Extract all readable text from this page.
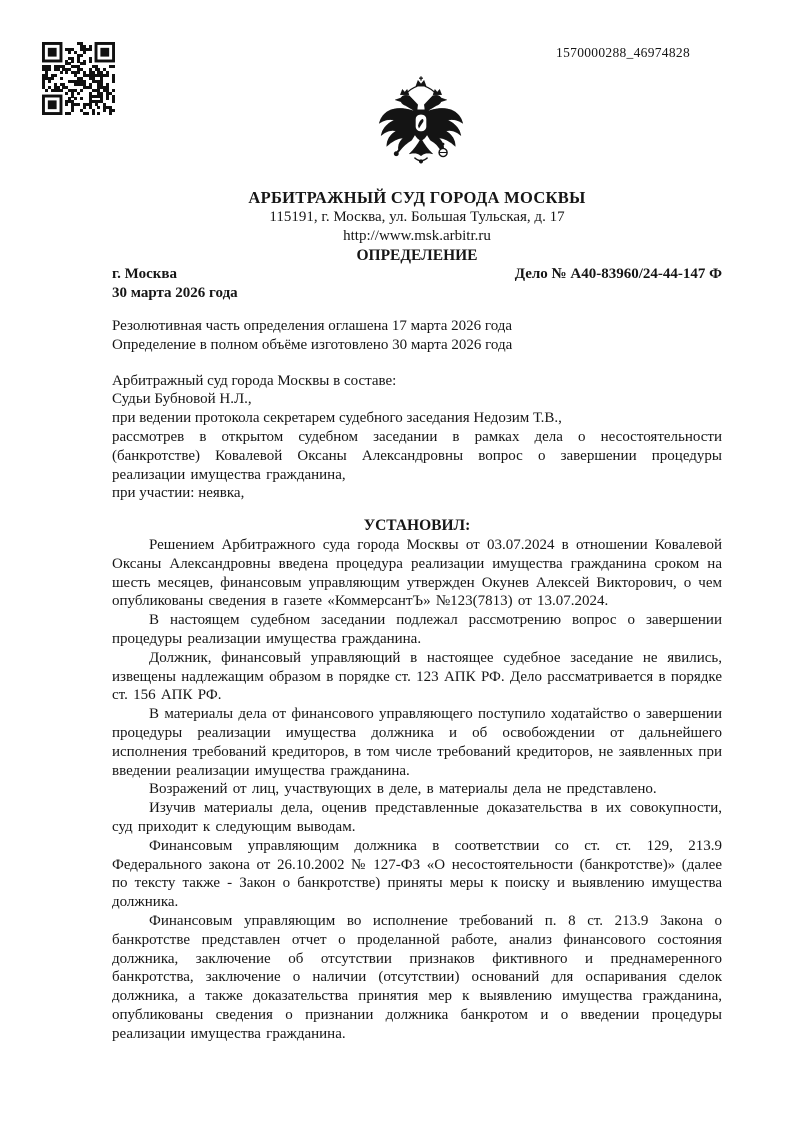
1570000288_46974828
АРБИТРАЖНЫЙ СУД ГОРОДА МОСКВЫ
115191, г. Москва, ул. Большая Тульская, д. 17
http://www.msk.arbitr.ru
ОПРЕДЕЛЕНИЕ
г. Москва	Дело № А40-83960/24-44-147 Ф
30 марта 2026 года

Резолютивная часть определения оглашена 17 марта 2026 года

Определение в полном объёме изготовлено 30 марта 2026 года

Арбитражный суд города Москвы в составе:

Судьи Бубновой Н.Л.,

при ведении протокола секретарем судебного заседания Недозим Т.В.,

рассмотрев в открытом судебном заседании в рамках дела о несостоятельности (банкротстве) Ковалевой Оксаны Александровны вопрос о завершении процедуры реализации имущества гражданина,

при участии: неявка,

УСТАНОВИЛ:

Решением Арбитражного суда города Москвы от 03.07.2024 в отношении Ковалевой Оксаны Александровны введена процедура реализации имущества гражданина сроком на шесть месяцев, финансовым управляющим утвержден Окунев Алексей Викторович, о чем опубликованы сведения в газете «КоммерсантЪ» №123(7813) от 13.07.2024.

В настоящем судебном заседании подлежал рассмотрению вопрос о завершении процедуры реализации имущества гражданина.

Должник, финансовый управляющий в настоящее судебное заседание не явились, извещены надлежащим образом в порядке ст. 123 АПК РФ. Дело рассматривается в порядке ст. 156 АПК РФ.

В материалы дела от финансового управляющего поступило ходатайство о завершении процедуры реализации имущества должника и об освобождении от дальнейшего исполнения требований кредиторов, в том числе требований кредиторов, не заявленных при введении реализации имущества гражданина.

Возражений от лиц, участвующих в деле, в материалы дела не представлено.

Изучив материалы дела, оценив представленные доказательства в их совокупности, суд приходит к следующим выводам.

Финансовым управляющим должника в соответствии со ст. ст. 129, 213.9 Федерального закона от 26.10.2002 № 127-ФЗ «О несостоятельности (банкротстве)» (далее по тексту также - Закон о банкротстве) приняты меры к поиску и выявлению имущества должника.

Финансовым управляющим во исполнение требований п. 8 ст. 213.9 Закона о банкротстве представлен отчет о проделанной работе, анализ финансового состояния должника, заключение об отсутствии признаков фиктивного и преднамеренного банкротства, заключение о наличии (отсутствии) оснований для оспаривания сделок должника, а также доказательства принятия мер к выявлению имущества гражданина, опубликованы сведения о признании должника банкротом и о введении процедуры реализации имущества гражданина.
